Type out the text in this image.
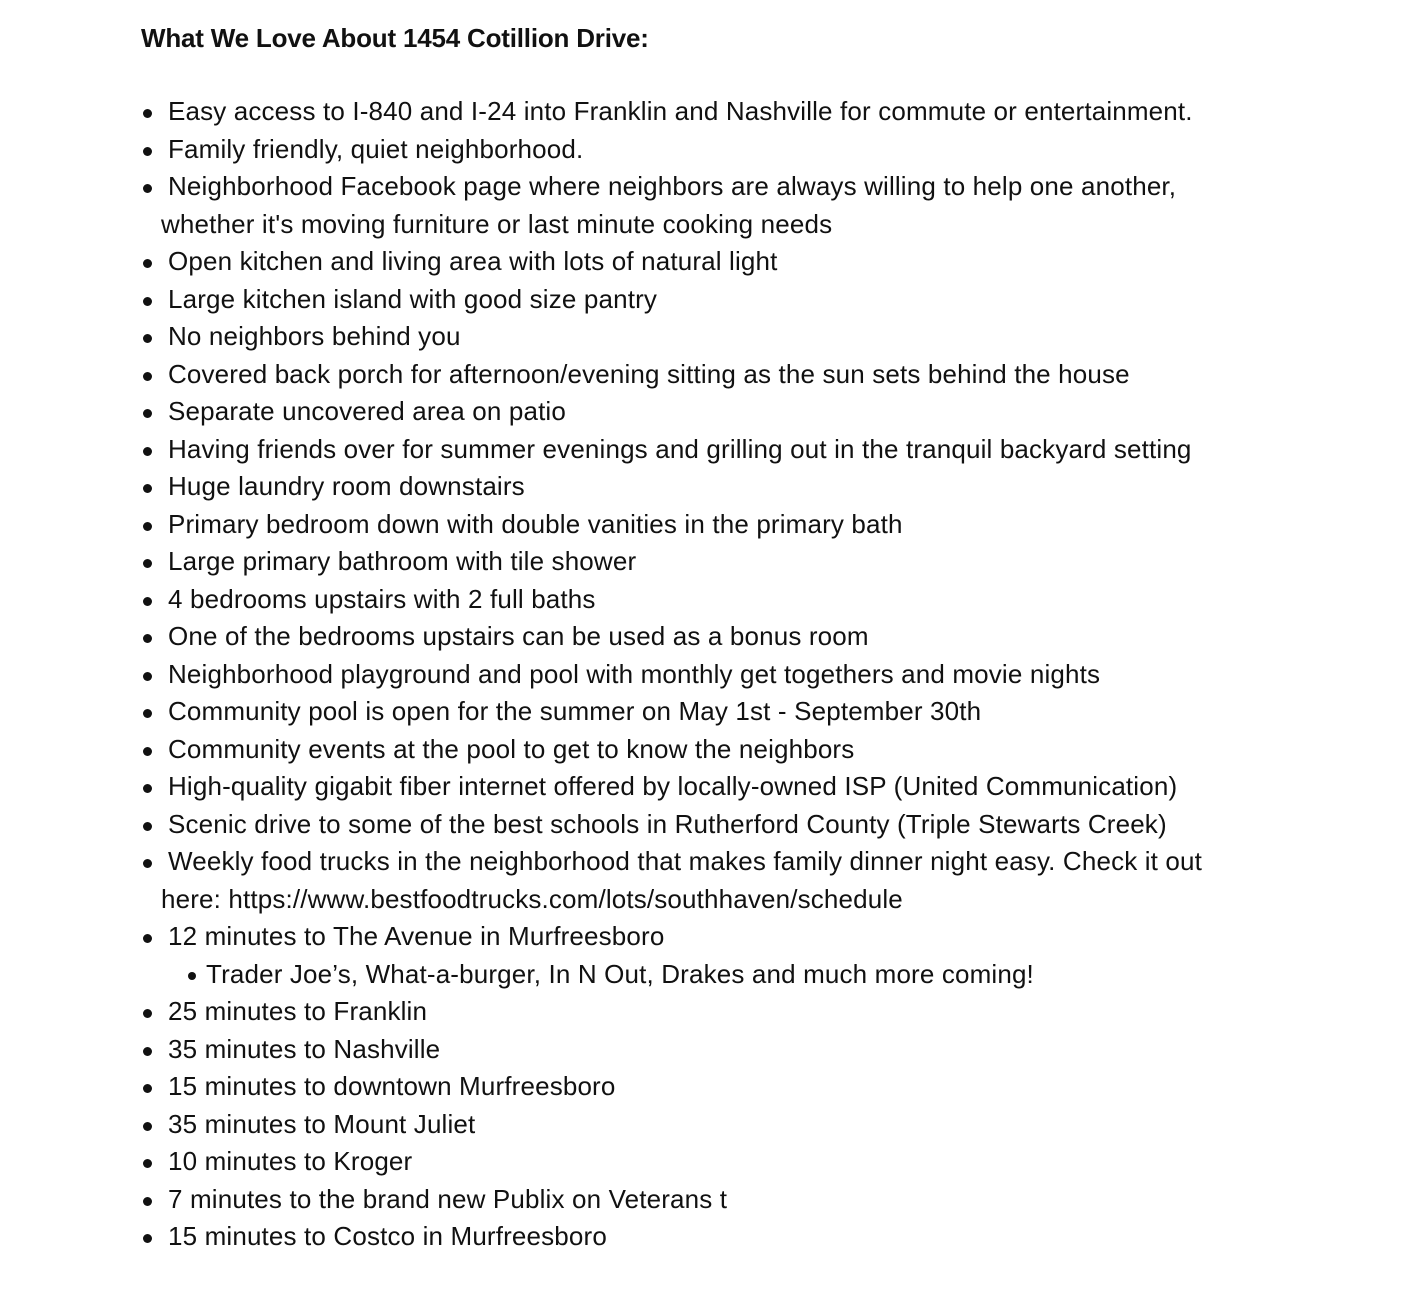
What We Love About 1454 Cotillion Drive:
Easy access to I-840 and I-24 into Franklin and Nashville for commute or entertainment.
Family friendly, quiet neighborhood.
Neighborhood Facebook page where neighbors are always willing to help one another,
whether it's moving furniture or last minute cooking needs
Open kitchen and living area with lots of natural light
Large kitchen island with good size pantry
No neighbors behind you
Covered back porch for afternoon/evening sitting as the sun sets behind the house
Separate uncovered area on patio
Having friends over for summer evenings and grilling out in the tranquil backyard setting
Huge laundry room downstairs
Primary bedroom down with double vanities in the primary bath
Large primary bathroom with tile shower
4 bedrooms upstairs with 2 full baths
One of the bedrooms upstairs can be used as a bonus room
Neighborhood playground and pool with monthly get togethers and movie nights
Community pool is open for the summer on May 1st - September 30th
Community events at the pool to get to know the neighbors
High-quality gigabit fiber internet offered by locally-owned ISP (United Communication)
Scenic drive to some of the best schools in Rutherford County (Triple Stewarts Creek)
Weekly food trucks in the neighborhood that makes family dinner night easy. Check it out
here: https://www.bestfoodtrucks.com/lots/southhaven/schedule
12 minutes to The Avenue in Murfreesboro
Trader Joe’s, What-a-burger, In N Out, Drakes and much more coming!
25 minutes to Franklin
35 minutes to Nashville
15 minutes to downtown Murfreesboro
35 minutes to Mount Juliet
10 minutes to Kroger
7 minutes to the brand new Publix on Veterans t
15 minutes to Costco in Murfreesboro
